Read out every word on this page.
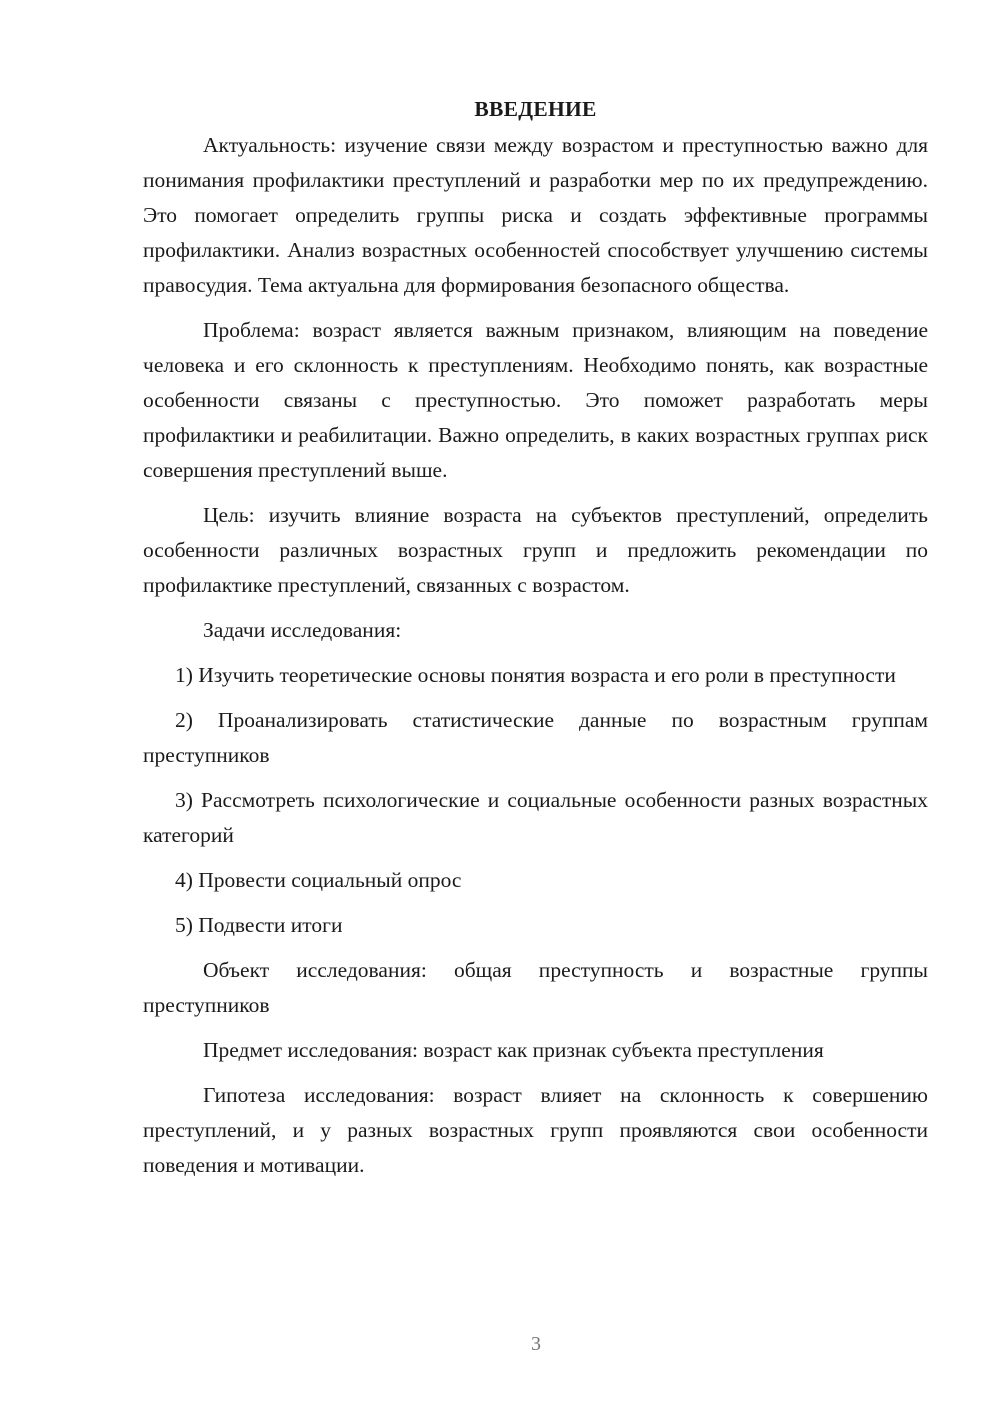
ВВЕДЕНИЕ

Актуальность: изучение связи между возрастом и преступностью важно для понимания профилактики преступлений и разработки мер по их предупреждению. Это помогает определить группы риска и создать эффективные программы профилактики. Анализ возрастных особенностей способствует улучшению системы правосудия. Тема актуальна для формирования безопасного общества.

Проблема: возраст является важным признаком, влияющим на поведение человека и его склонность к преступлениям. Необходимо понять, как возрастные особенности связаны с преступностью. Это поможет разработать меры профилактики и реабилитации. Важно определить, в каких возрастных группах риск совершения преступлений выше.

Цель: изучить влияние возраста на субъектов преступлений, определить особенности различных возрастных групп и предложить рекомендации по профилактике преступлений, связанных с возрастом.

Задачи исследования:

1) Изучить теоретические основы понятия возраста и его роли в преступности

2) Проанализировать статистические данные по возрастным группам преступников

3) Рассмотреть психологические и социальные особенности разных возрастных категорий

4) Провести социальный опрос

5) Подвести итоги

Объект исследования: общая преступность и возрастные группы преступников

Предмет исследования: возраст как признак субъекта преступления

Гипотеза исследования: возраст влияет на склонность к совершению преступлений, и у разных возрастных групп проявляются свои особенности поведения и мотивации.

3
